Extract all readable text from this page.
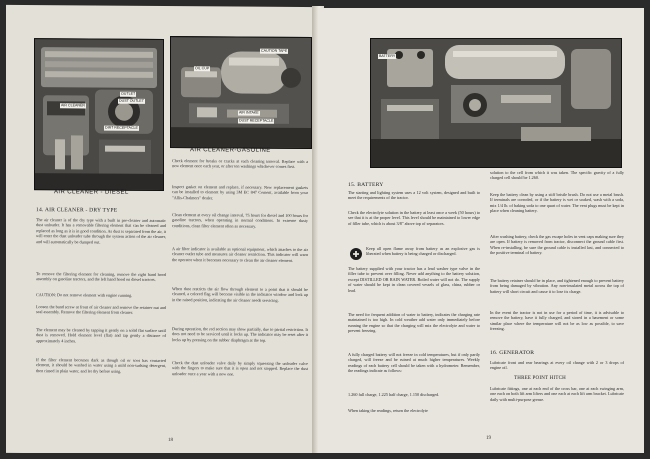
AIR CLEANER
OUTLET
DIRT RECEPTACLE
DUST OUTLET
AIR CLEANER - DIESEL
CAUTION TAPE
OIL CUP
AIR INTAKE
DUST RECEPTACLE
AIR CLEANER-GASOLINE
14. AIR CLEANER - DRY TYPE
The air cleaner is of the dry type with a built in pre-cleaner and automatic dust unloader. It has a removable filtering element that can be cleaned and replaced as long as it is in good condition. As dust is separated from the air, it will enter the dust unloader tube through the system action of the air cleaner, and will automatically be dumped out.
To remove the filtering element for cleaning, remove the right hand hood assembly on gasoline tractors, and the left hand hood on diesel tractors.
CAUTION: Do not remove element with engine running.
Loosen the band screw at front of air cleaner and remove the retainer nut and seal assembly. Remove the filtering element from cleaner.
The element may be cleaned by tapping it gently on a solid flat surface until dust is removed. Hold element level (flat) and tap gently a distance of approximately 4 inches.
If the filter element becomes dark as though oil or soot has contacted element, it should be washed in water using a mild non-sudsing detergent, then rinsed in plain water, and let dry before using.
Check element for breaks or cracks at each cleaning interval. Replace with a new element once each year, or after ten washings whichever comes first.
Inspect gasket on element and replace, if necessary. New replacement gaskets can be installed to element by using 3M EC 847 Cement, available from your "Allis-Chalmers" dealer.
Clean element at every oil change interval, 75 hours for diesel and 100 hours for gasoline tractors, when operating in normal conditions. In extreme dusty conditions, clean filter element often as necessary.
A air filter indicator is available as optional equipment, which attaches to the air cleaner outlet tube and measures air cleaner restriction. This indicator will warn the operator when it becomes necessary to clean the air cleaner element.
When dust restricts the air flow through element to a point that it should be cleaned, a colored flag will become visible in the indicator window and lock up in the raised position, indicating the air cleaner needs servicing.
During operation, the red section may show partially, due to partial restriction. It does not need to be serviced until it locks up. The indicator may be reset after it locks up by pressing on the rubber diaphragm at the top.
Check the dust unloader valve daily by simply squeezing the unloader valve with the fingers to make sure that it is open and not stopped. Replace the dust unloader once a year with a new one.
18
BATTERY
15. BATTERY
The starting and lighting system uses a 12 volt system, designed and built to meet the requirements of the tractor.
Check the electrolyte solution in the battery at least once a week (50 hours) to see that it is at the proper level. This level should be maintained to lower edge of filler tube, which is about 3/8" above top of separators.
Keep all open flame away from battery as an explosive gas is liberated when battery is being charged or discharged.
The battery supplied with your tractor has a lead washer type valve in the filler tube to prevent over filling. Never add anything to the battery solution, except DISTILLED OR RAIN WATER. Boiled water will not do. The supply of water should be kept in clean covered vessels of glass, china, rubber or lead.
The need for frequent addition of water to battery, indicates the charging rate maintained is too high. In cold weather add water only immediately before running the engine so that the charging will mix the electrolyte and water to prevent freezing.
A fully charged battery will not freeze in cold temperatures, but if only partly charged, will freeze and be ruined at much higher temperatures. Weekly readings of each battery cell should be taken with a hydrometer. Remember, the readings indicate as follows:
1.260 full charge, 1.225 half charge, 1.150 discharged.
When taking the readings, return the electrolyte
solution to the cell from which it was taken. The specific gravity of a fully charged cell should be 1.260.
Keep the battery clean by using a stiff bristle brush. Do not use a metal brush. If terminals are corroded, or if the battery is wet or soaked, wash with a soda, mix 1/4 lb. of baking soda to one quart of water. The vent plugs must be kept in place when cleaning battery.
After washing battery, check the gas escape holes in vent caps making sure they are open. If battery is removed from tractor, disconnect the ground cable first. When re-installing, be sure the ground cable is installed last, and connected to the positive terminal of battery.
The battery retainer should be in place, and tightened enough to prevent battery from being damaged by vibration. Any non-insulated metal across the top of battery will short circuit and cause it to lose its charge.
In the event the tractor is not in use for a period of time, it is advisable to remove the battery, have it fully charged, and stored in a basement or some similar place where the temperature will not be as low as possible, to save freezing.
16. GENERATOR
Lubricate front and rear bearings at every oil change with 2 or 3 drops of engine oil.
THREE POINT HITCH
Lubricate fittings, one at each end of the cross bar, one at each swinging arm, one each on both lift arm lifters and one each at each lift arm bracket. Lubricate daily with multi-purpose grease.
19
